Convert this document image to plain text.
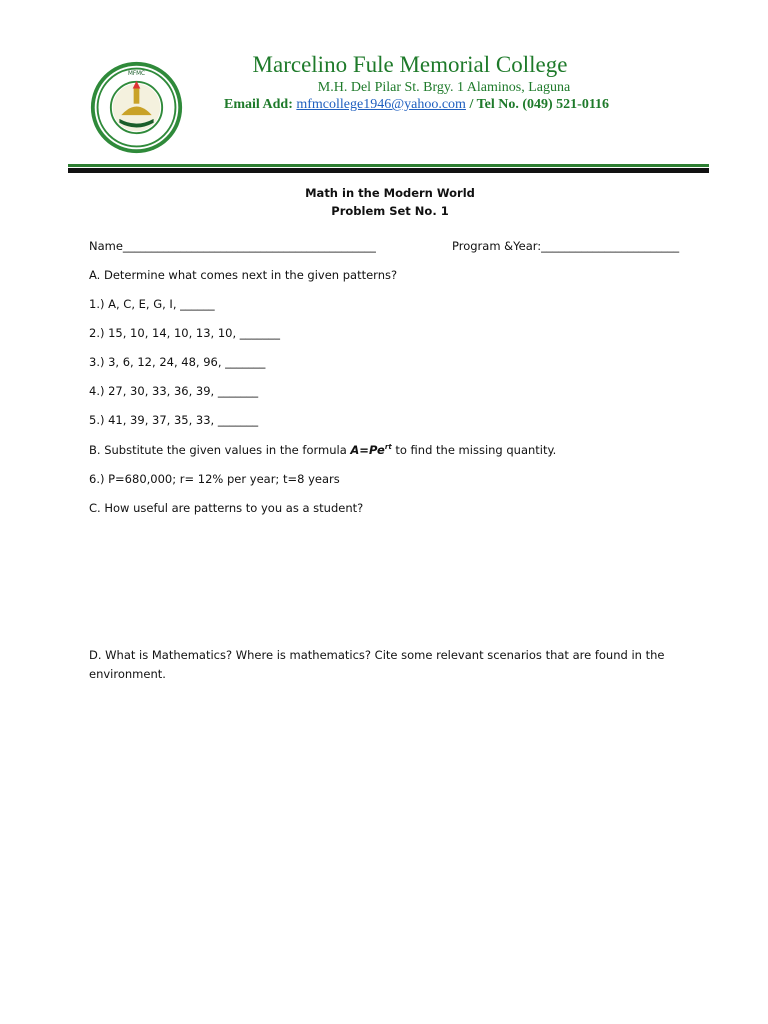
MFMC	Marcelino Fule Memorial College
M.H. Del Pilar St. Brgy. 1 Alaminos, Laguna
Email Add: mfmcollege1946@yahoo.com / Tel No. (049) 521-0116
Math in the Modern World
Problem Set No. 1
Name____________________________________________	Program &Year:________________________
A. Determine what comes next in the given patterns?
1.) A, C, E, G, I, ______
2.) 15, 10, 14, 10, 13, 10, _______
3.) 3, 6, 12, 24, 48, 96, _______
4.) 27, 30, 33, 36, 39, _______
5.) 41, 39, 37, 35, 33, _______
B. Substitute the given values in the formula $A=Pe^{rt}$ to find the missing quantity.
6.) P=680,000; r= 12% per year; t=8 years
C. How useful are patterns to you as a student?
D. What is Mathematics? Where is mathematics? Cite some relevant scenarios that are found in the environment.
